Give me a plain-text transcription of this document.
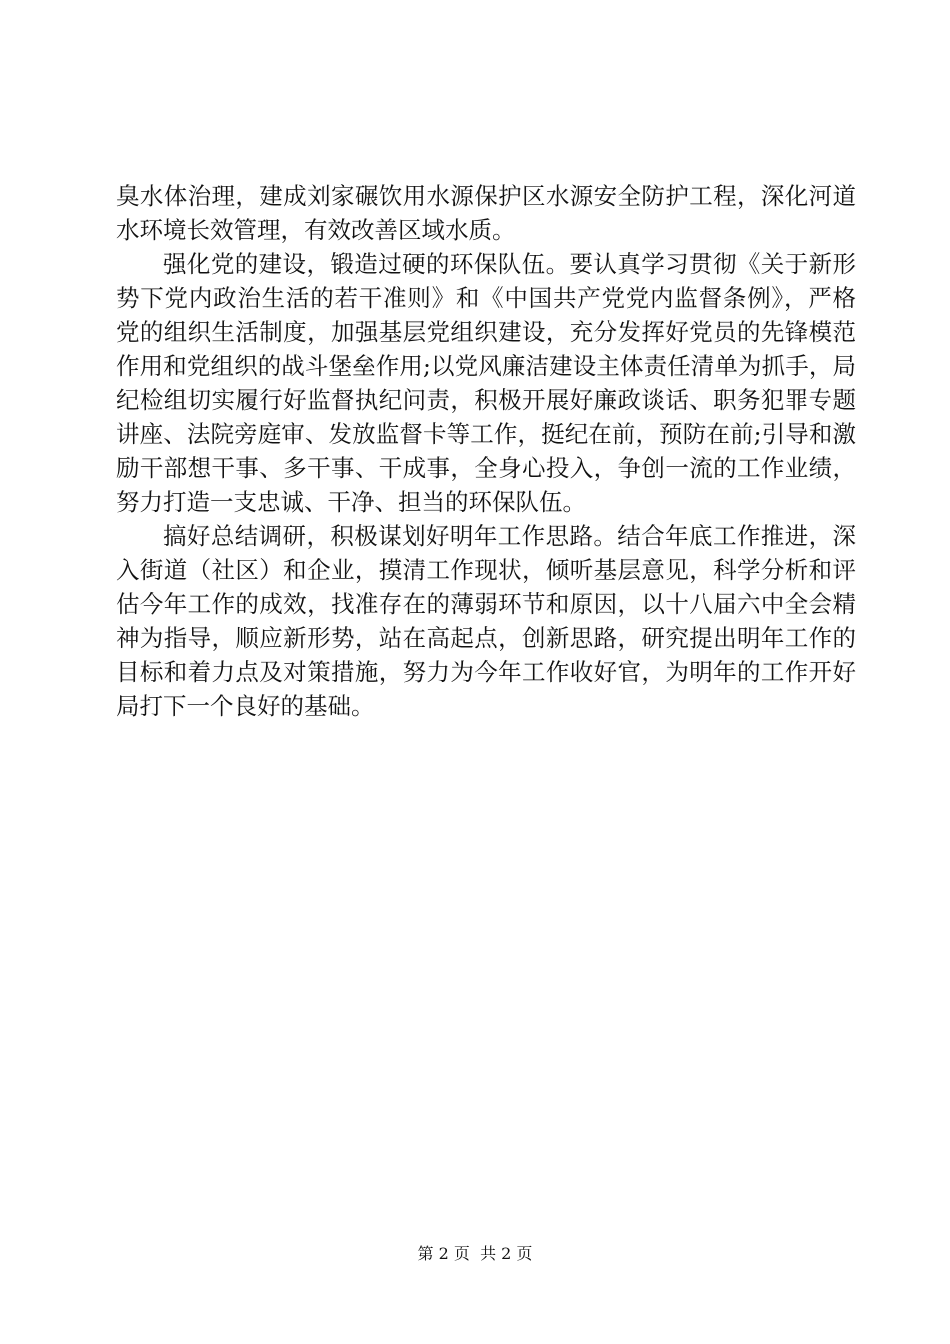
臭水体治理，建成刘家碾饮用水源保护区水源安全防护工程，深化河道水环境长效管理，有效改善区域水质。

强化党的建设，锻造过硬的环保队伍。要认真学习贯彻《关于新形势下党内政治生活的若干准则》和《中国共产党党内监督条例》，严格党的组织生活制度，加强基层党组织建设，充分发挥好党员的先锋模范作用和党组织的战斗堡垒作用;以党风廉洁建设主体责任清单为抓手，局纪检组切实履行好监督执纪问责，积极开展好廉政谈话、职务犯罪专题讲座、法院旁庭审、发放监督卡等工作，挺纪在前，预防在前;引导和激励干部想干事、多干事、干成事，全身心投入，争创一流的工作业绩，努力打造一支忠诚、干净、担当的环保队伍。

搞好总结调研，积极谋划好明年工作思路。结合年底工作推进，深入街道（社区）和企业，摸清工作现状，倾听基层意见，科学分析和评估今年工作的成效，找准存在的薄弱环节和原因，以十八届六中全会精神为指导，顺应新形势，站在高起点，创新思路，研究提出明年工作的目标和着力点及对策措施，努力为今年工作收好官，为明年的工作开好局打下一个良好的基础。

第 2 页  共 2 页
